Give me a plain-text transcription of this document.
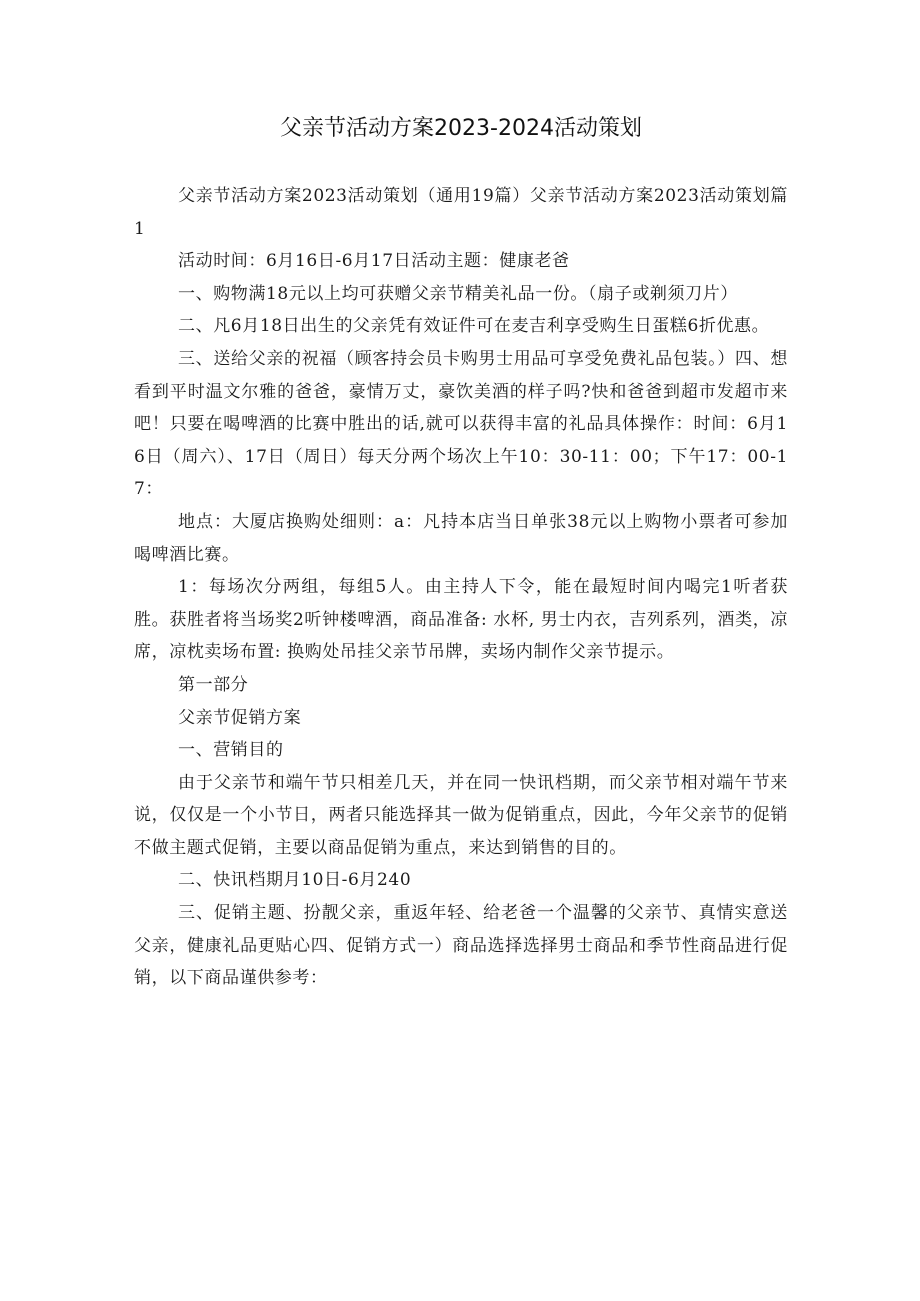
父亲节活动方案2023-2024活动策划

父亲节活动方案2023活动策划（通用19篇）父亲节活动方案2023活动策划篇1

活动时间：6月16日-6月17日活动主题：健康老爸

一、购物满18元以上均可获赠父亲节精美礼品一份。（扇子或剃须刀片）

二、凡6月18日出生的父亲凭有效证件可在麦吉利享受购生日蛋糕6折优惠。

三、送给父亲的祝福（顾客持会员卡购男士用品可享受免费礼品包装。）四、想看到平时温文尔雅的爸爸，豪情万丈，豪饮美酒的样子吗?快和爸爸到超市发超市来吧！只要在喝啤酒的比赛中胜出的话,就可以获得丰富的礼品具体操作：时间：6月16日（周六）、17日（周日）每天分两个场次上午10：30-11：00；下午17：00-17：

地点：大厦店换购处细则：a：凡持本店当日单张38元以上购物小票者可参加喝啤酒比赛。

1：每场次分两组，每组5人。由主持人下令，能在最短时间内喝完1听者获胜。获胜者将当场奖2听钟楼啤酒，商品准备: 水杯, 男士内衣，吉列系列，酒类，凉席，凉枕卖场布置: 换购处吊挂父亲节吊牌，卖场内制作父亲节提示。

第一部分

父亲节促销方案

一、营销目的

由于父亲节和端午节只相差几天，并在同一快讯档期，而父亲节相对端午节来说，仅仅是一个小节日，两者只能选择其一做为促销重点，因此，今年父亲节的促销不做主题式促销，主要以商品促销为重点，来达到销售的目的。

二、快讯档期月10日-6月240

三、促销主题、扮靓父亲，重返年轻、给老爸一个温馨的父亲节、真情实意送父亲，健康礼品更贴心四、促销方式一）商品选择选择男士商品和季节性商品进行促销，以下商品谨供参考：
